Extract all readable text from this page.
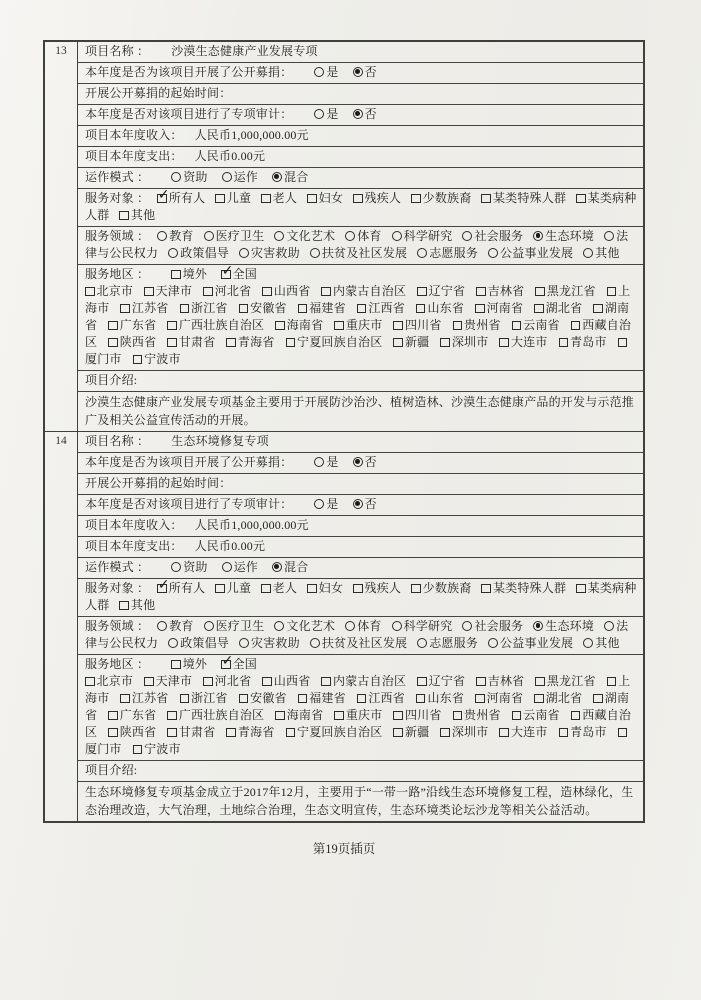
13	项目名称 ： 沙漠生态健康产业发展专项
本年度是否为该项目开展了公开募捐：	是 否
开展公开募捐的起始时间：
本年度是否对该项目进行了专项审计：	是 否
项目本年度收入： 人民币1,000,000.00元
项目本年度支出： 人民币0.00元
运作模式 ：	资助 运作 混合
服务对象 ： ✓ 所有人 儿童 老人 妇女 残疾人 少数族裔 某类特殊人群 某类病种人群 其他
服务领域 ： 教育 医疗卫生 文化艺术 体育 科学研究 社会服务 生态环境 法律与公民权力 政策倡导 灾害救助 扶贫及社区发展 志愿服务 公益事业发展 其他
服务地区 ：	境外 ✓ 全国
北京市 天津市 河北省 山西省 内蒙古自治区 辽宁省 吉林省 黑龙江省 上海市 江苏省 浙江省 安徽省 福建省 江西省 山东省 河南省 湖北省 湖南省 广东省 广西壮族自治区 海南省 重庆市 四川省 贵州省 云南省 西藏自治区 陕西省 甘肃省 青海省 宁夏回族自治区 新疆 深圳市 大连市 青岛市厦门市 宁波市
项目介绍:
沙漠生态健康产业发展专项基金主要用于开展防沙治沙、植树造林、沙漠生态健康产品的开发与示范推广及相关公益宣传活动的开展。
14	项目名称 ： 生态环境修复专项
本年度是否为该项目开展了公开募捐：	是 否
开展公开募捐的起始时间：
本年度是否对该项目进行了专项审计：	是 否
项目本年度收入： 人民币1,000,000.00元
项目本年度支出： 人民币0.00元
运作模式 ：	资助 运作 混合
服务对象 ： ✓ 所有人 儿童 老人 妇女 残疾人 少数族裔 某类特殊人群 某类病种人群 其他
服务领域 ： 教育 医疗卫生 文化艺术 体育 科学研究 社会服务 生态环境 法律与公民权力 政策倡导 灾害救助 扶贫及社区发展 志愿服务 公益事业发展 其他
服务地区 ：	境外 ✓ 全国
北京市 天津市 河北省 山西省 内蒙古自治区 辽宁省 吉林省 黑龙江省 上海市 江苏省 浙江省 安徽省 福建省 江西省 山东省 河南省 湖北省 湖南省 广东省 广西壮族自治区 海南省 重庆市 四川省 贵州省 云南省 西藏自治区 陕西省 甘肃省 青海省 宁夏回族自治区 新疆 深圳市 大连市 青岛市厦门市 宁波市
项目介绍:
生态环境修复专项基金成立于2017年12月，主要用于“一带一路”沿线生态环境修复工程，造林绿化，生态治理改造，大气治理，土地综合治理，生态文明宣传，生态环境类论坛沙龙等相关公益活动。
第19页插页
